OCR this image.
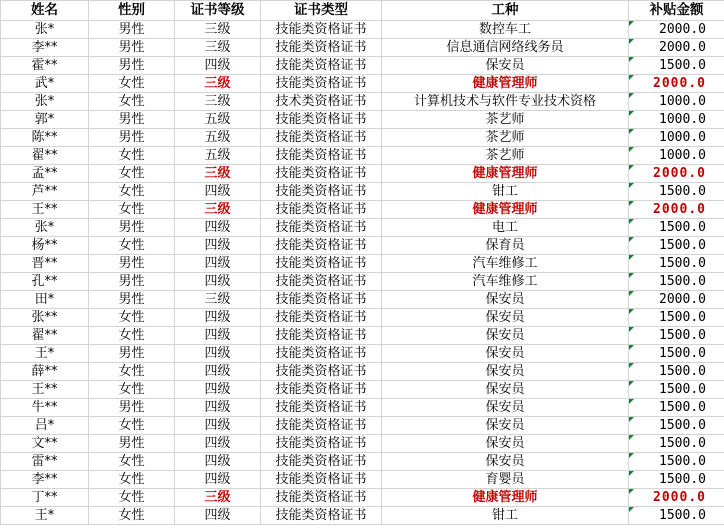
姓名	性别	证书等级	证书类型	工种	补贴金额
张*	男性	三级	技能类资格证书	数控车工	2000.0
李**	男性	三级	技能类资格证书	信息通信网络线务员	2000.0
霍**	男性	四级	技能类资格证书	保安员	1500.0
武*	女性	三级	技能类资格证书	健康管理师	2000.0
张*	女性	三级	技术类资格证书	计算机技术与软件专业技术资格	1000.0
郭*	男性	五级	技能类资格证书	茶艺师	1000.0
陈**	男性	五级	技能类资格证书	茶艺师	1000.0
翟**	女性	五级	技能类资格证书	茶艺师	1000.0
孟**	女性	三级	技能类资格证书	健康管理师	2000.0
芦**	女性	四级	技能类资格证书	钳工	1500.0
王**	女性	三级	技能类资格证书	健康管理师	2000.0
张*	男性	四级	技能类资格证书	电工	1500.0
杨**	女性	四级	技能类资格证书	保育员	1500.0
晋**	男性	四级	技能类资格证书	汽车维修工	1500.0
孔**	男性	四级	技能类资格证书	汽车维修工	1500.0
田*	男性	三级	技能类资格证书	保安员	2000.0
张**	女性	四级	技能类资格证书	保安员	1500.0
翟**	女性	四级	技能类资格证书	保安员	1500.0
王*	男性	四级	技能类资格证书	保安员	1500.0
薛**	女性	四级	技能类资格证书	保安员	1500.0
王**	女性	四级	技能类资格证书	保安员	1500.0
牛**	男性	四级	技能类资格证书	保安员	1500.0
吕*	女性	四级	技能类资格证书	保安员	1500.0
文**	男性	四级	技能类资格证书	保安员	1500.0
雷**	女性	四级	技能类资格证书	保安员	1500.0
李**	女性	四级	技能类资格证书	育婴员	1500.0
丁**	女性	三级	技能类资格证书	健康管理师	2000.0
王*	女性	四级	技能类资格证书	钳工	1500.0
